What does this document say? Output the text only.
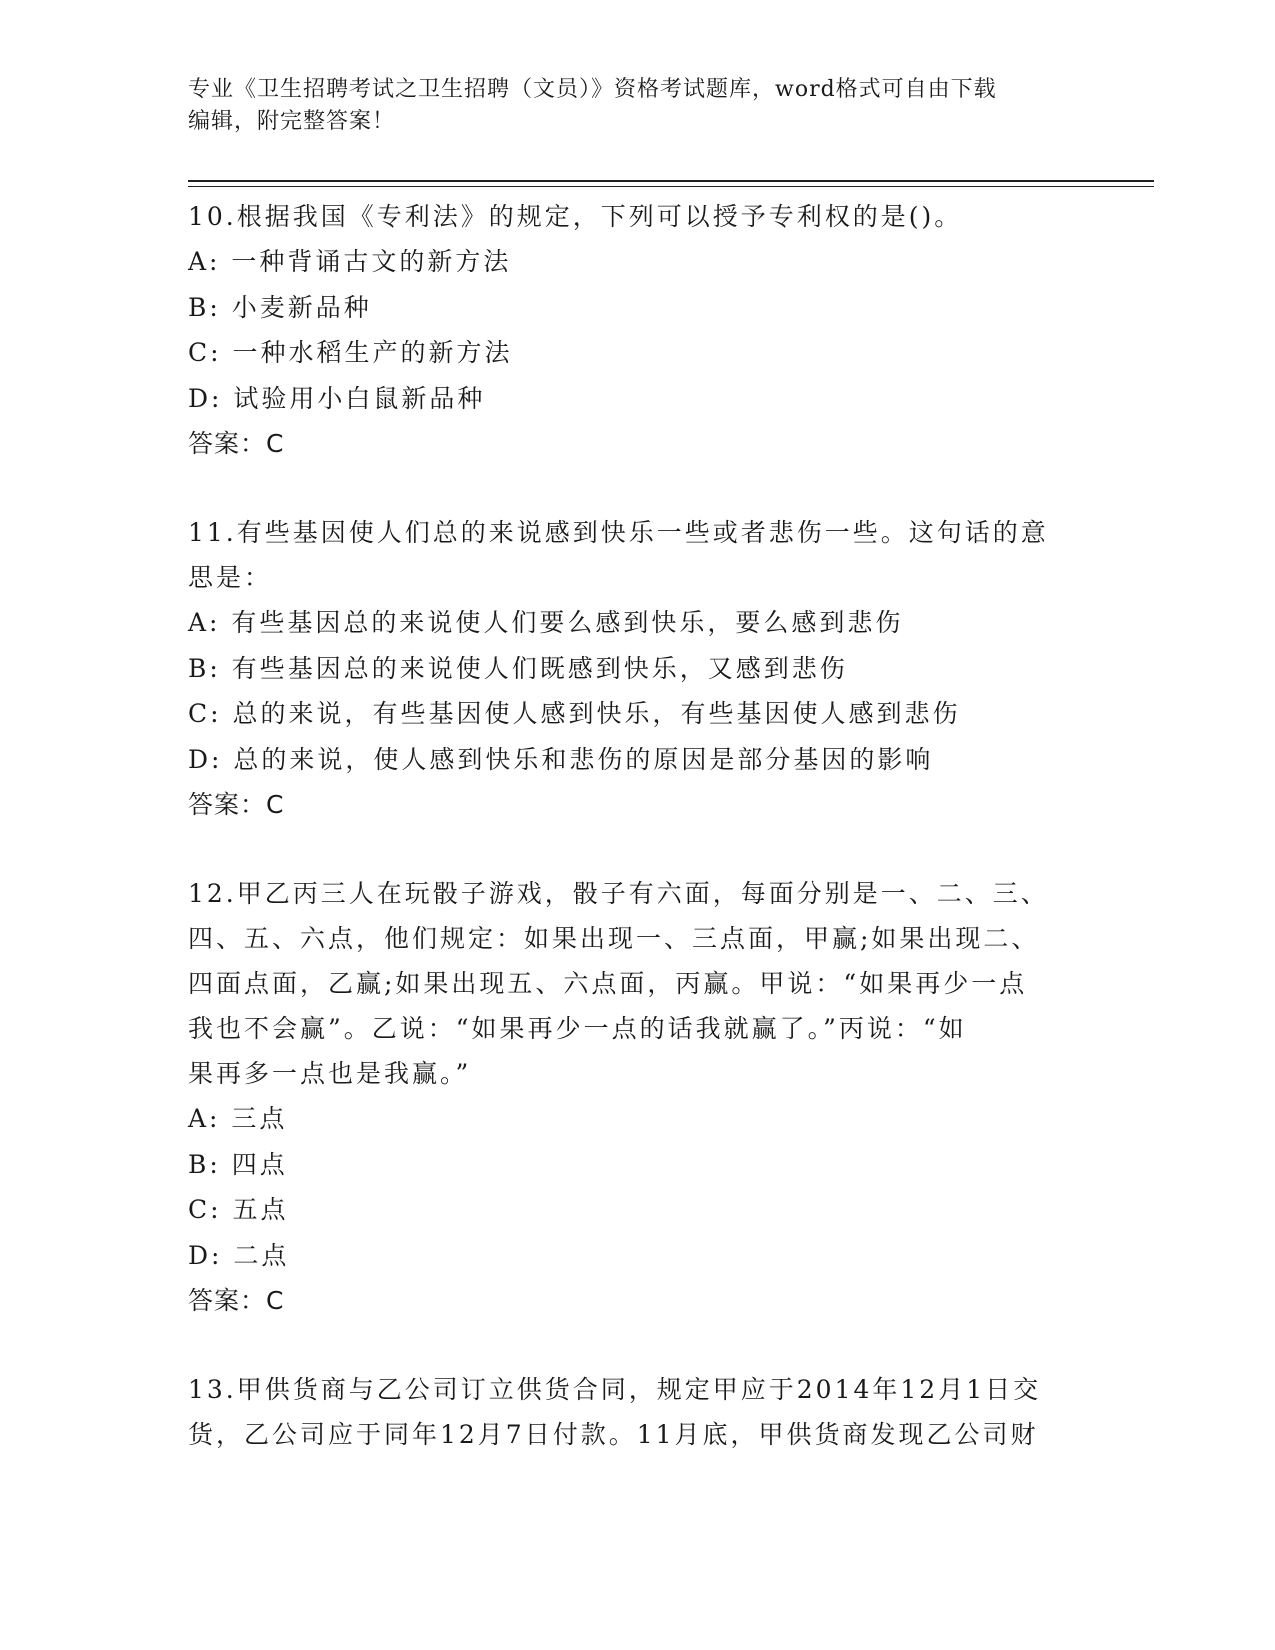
专业《卫生招聘考试之卫生招聘（文员）》资格考试题库，word格式可自由下载
编辑，附完整答案！
10.根据我国《专利法》的规定，下列可以授予专利权的是()。
A: 一种背诵古文的新方法
B: 小麦新品种
C: 一种水稻生产的新方法
D: 试验用小白鼠新品种
答案：C
11.有些基因使人们总的来说感到快乐一些或者悲伤一些。这句话的意
思是：
A: 有些基因总的来说使人们要么感到快乐，要么感到悲伤
B: 有些基因总的来说使人们既感到快乐，又感到悲伤
C: 总的来说，有些基因使人感到快乐，有些基因使人感到悲伤
D: 总的来说，使人感到快乐和悲伤的原因是部分基因的影响
答案：C
12.甲乙丙三人在玩骰子游戏，骰子有六面，每面分别是一、二、三、
四、五、六点，他们规定：如果出现一、三点面，甲赢;如果出现二、
四面点面，乙赢;如果出现五、六点面，丙赢。甲说：“如果再少一点
我也不会赢”。乙说：“如果再少一点的话我就赢了。”丙说：“如
果再多一点也是我赢。”
A: 三点
B: 四点
C: 五点
D: 二点
答案：C
13.甲供货商与乙公司订立供货合同，规定甲应于2014年12月1日交
货，乙公司应于同年12月7日付款。11月底，甲供货商发现乙公司财
